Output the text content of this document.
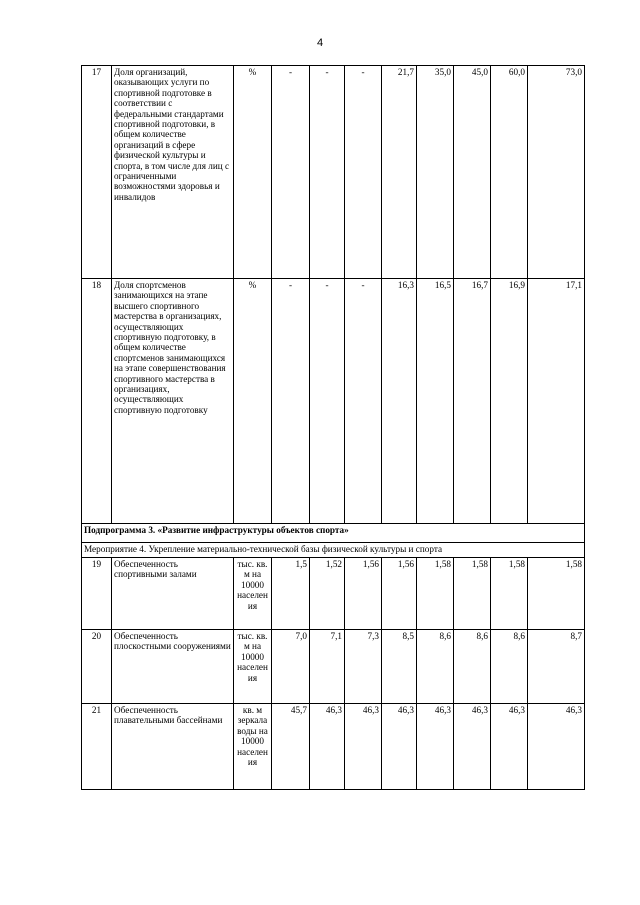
4
17	Доля организаций, оказывающих услуги по спортивной подготовке в соответствии с федеральными стандартами спортивной подготовки, в общем количестве организаций в сфере физической культуры и спорта, в том числе для лиц с ограниченными возможностями здоровья и инвалидов	%	-	-	-	21,7	35,0	45,0	60,0	73,0
18	Доля спортсменов занимающихся на этапе высшего спортивного мастерства в организациях, осуществляющих спортивную подготовку, в общем количестве спортсменов занимающихся на этапе совершенствования спортивного мастерства в организациях, осуществляющих спортивную подготовку	%	-	-	-	16,3	16,5	16,7	16,9	17,1
Подпрограмма 3. «Развитие инфраструктуры объектов спорта»										
Мероприятие 4. Укрепление материально-технической базы физической культуры и спорта										
19	Обеспеченность спортивными залами	тыс. кв. м на 10000 населения	1,5	1,52	1,56	1,56	1,58	1,58	1,58	1,58
20	Обеспеченность плоскостными сооружениями	тыс. кв. м на 10000 населения	7,0	7,1	7,3	8,5	8,6	8,6	8,6	8,7
21	Обеспеченность плавательными бассейнами	кв. м зеркала воды на 10000 населения	45,7	46,3	46,3	46,3	46,3	46,3	46,3	46,3
